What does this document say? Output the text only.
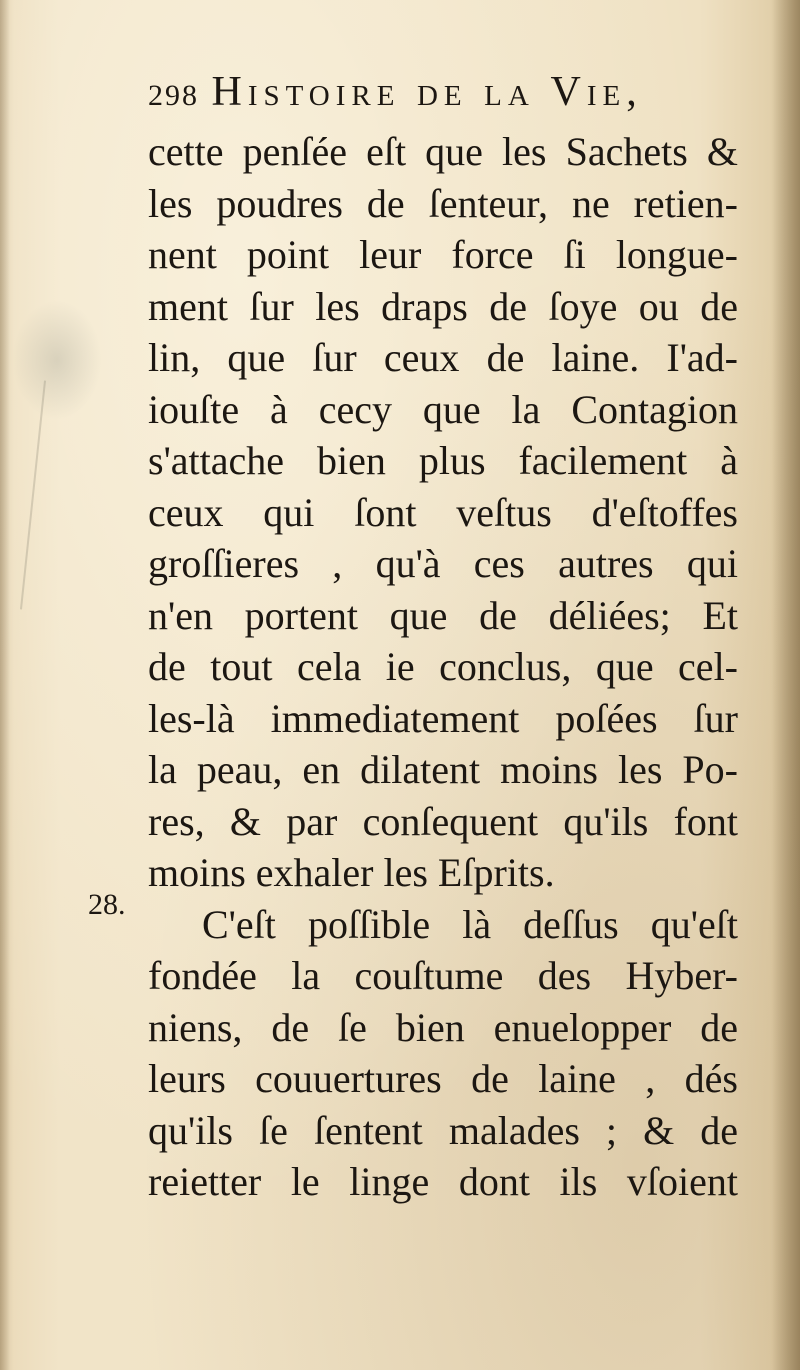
28.
298 Histoire de la Vie,
cette penſée eſt que les Sachets &
les poudres de ſenteur, ne retien-
nent point leur force ſi longue-
ment ſur les draps de ſoye ou de
lin, que ſur ceux de laine. I'ad-
iouſte à cecy que la Contagion
s'attache bien plus facilement à
ceux qui ſont veſtus d'eſtoffes
groſſieres , qu'à ces autres qui
n'en portent que de déliées; Et
de tout cela ie conclus, que cel-
les-là immediatement poſées ſur
la peau, en dilatent moins les Po-
res, & par conſequent qu'ils font
moins exhaler les Eſprits.
C'eſt poſſible là deſſus qu'eſt
fondée la couſtume des Hyber-
niens, de ſe bien enuelopper de
leurs couuertures de laine , dés
qu'ils ſe ſentent malades ; & de
reietter le linge dont ils vſoient
